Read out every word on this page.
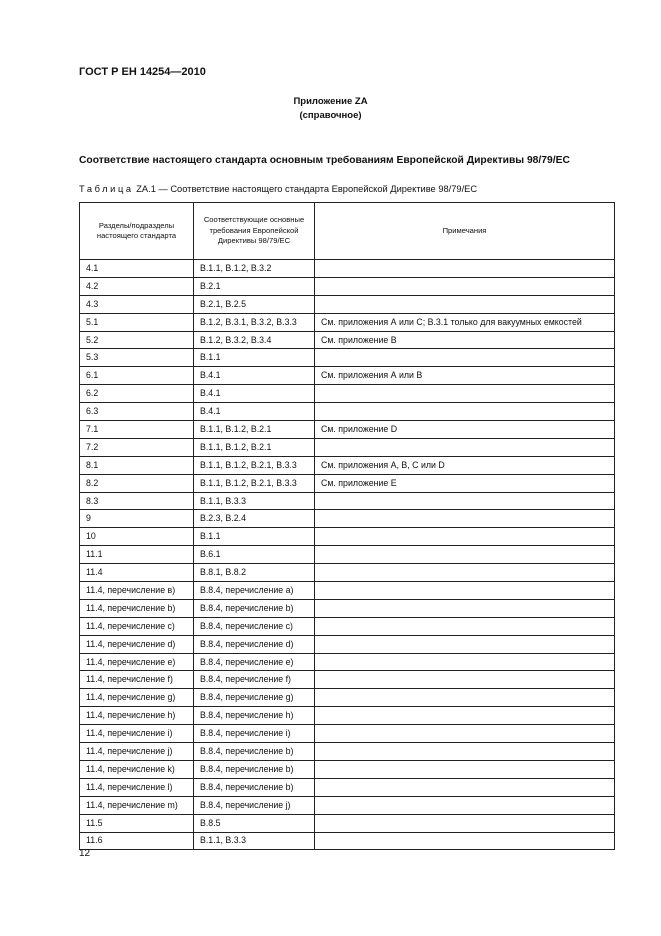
ГОСТ Р ЕН 14254—2010

Приложение ZA
(справочное)

Соответствие настоящего стандарта основным требованиям Европейской Директивы 98/79/ЕС

Таблица ZA.1 — Соответствие настоящего стандарта Европейской Директиве 98/79/ЕС
Разделы/подразделы настоящего стандарта	Соответствующие основные требования Европейской Директивы 98/79/ЕС	Примечания
4.1	В.1.1, В.1.2, В.3.2	
4.2	В.2.1	
4.3	В.2.1, В.2.5	
5.1	В.1.2, В.3.1, В.3.2, В.3.3	См. приложения А или С; В.3.1 только для вакуумных емкостей
5.2	В.1.2, В.3.2, В.3.4	См. приложение В
5.3	В.1.1	
6.1	В.4.1	См. приложения А или В
6.2	В.4.1	
6.3	В.4.1	
7.1	В.1.1, В.1.2, В.2.1	См. приложение D
7.2	В.1.1, В.1.2, В.2.1	
8.1	В.1.1, В.1.2, В.2.1, В.3.3	См. приложения А, В, С или D
8.2	В.1.1, В.1.2, В.2.1, В.3.3	См. приложение Е
8.3	В.1.1, В.3.3	
9	В.2.3, В.2.4	
10	В.1.1	
11.1	В.6.1	
11.4	В.8.1, В.8.2	
11.4, перечисление в)	В.8.4, перечисление а)	
11.4, перечисление b)	В.8.4, перечисление b)	
11.4, перечисление с)	В.8.4, перечисление с)	
11.4, перечисление d)	В.8.4, перечисление d)	
11.4, перечисление е)	В.8.4, перечисление е)	
11.4, перечисление f)	В.8.4, перечисление f)	
11.4, перечисление g)	В.8.4, перечисление g)	
11.4, перечисление h)	В.8.4, перечисление h)	
11.4, перечисление i)	В.8.4, перечисление i)	
11.4, перечисление j)	В.8.4, перечисление b)	
11.4, перечисление k)	В.8.4, перечисление b)	
11.4, перечисление l)	В.8.4, перечисление b)	
11.4, перечисление m)	В.8.4, перечисление j)	
11.5	В.8.5	
11.6	В.1.1, В.3.3	
12
